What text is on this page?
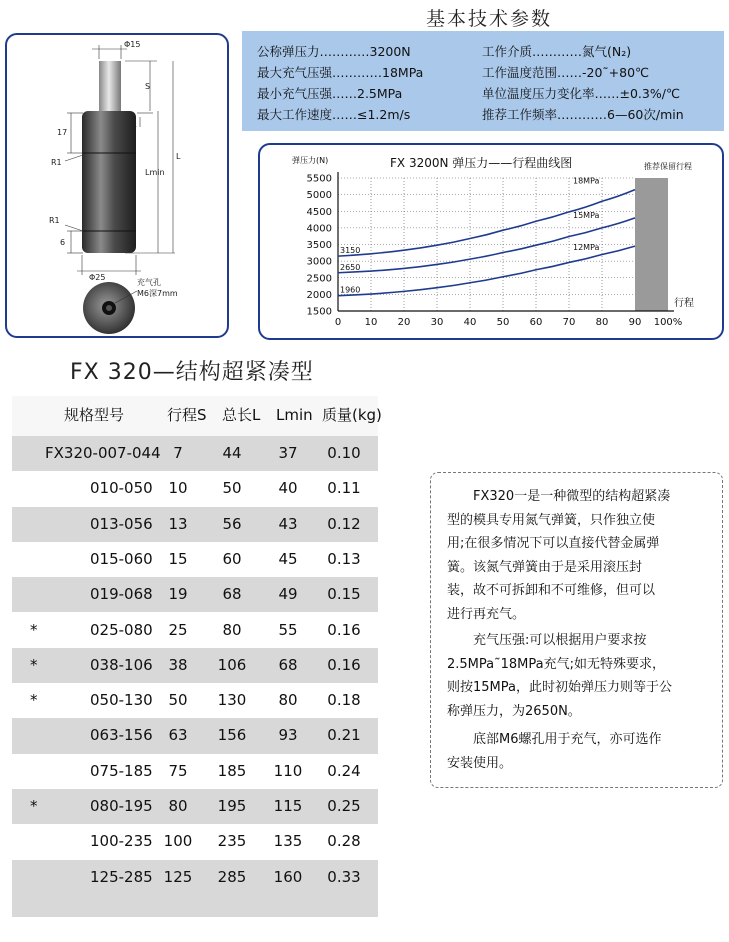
Φ15
S
1
L
Lmin
17
R1
R1
6
Φ25
充气孔
M6深7mm
基本技术参数
公称弹压力…………3200N
最大充气压强…………18MPa
最小充气压强……2.5MPa
最大工作速度……≤1.2m/s
工作介质…………氮气(N₂)
工作温度范围……-20˜+80℃
单位温度压力变化率……±0.3%/℃
推荐工作频率…………6—60次/min
弹压力(N)	FX 3200N 弹压力——行程曲线图	推荐保留行程
行程
1500
2000
2500
3000
3500
4000
4500
5000
5500
0 10 20 30 40 50 60 70 80 90 100%
18MPa
3150
15MPa
2650
12MPa
1960
FX 320—结构超紧凑型
规格型号	行程S 总长L Lmin 质量(kg)
FX320-007-044 7	44	37	0.10
010-050	10	50	40	0.11
013-056	13	56	43	0.12
015-060	15	60	45	0.13
019-068	19	68	49	0.15
*	025-080	25	80	55	0.16
*	038-106	38	106	68	0.16
*	050-130	50	130	80	0.18
063-156	63	156	93	0.21
075-185	75	185	110	0.24
*	080-195	80	195	115	0.25
100-235 100	235	135	0.28
125-285 125	285	160	0.33
FX320一是一种微型的结构超紧凑
型的模具专用氮气弹簧，只作独立使
用;在很多情况下可以直接代替金属弹
簧。该氮气弹簧由于是采用滚压封
装，故不可拆卸和不可维修，但可以
进行再充气。
充气压强:可以根据用户要求按
2.5MPa˜18MPa充气;如无特殊要求，
则按15MPa，此时初始弹压力则等于公
称弹压力，为2650N。
底部M6螺孔用于充气，亦可选作
安装使用。
